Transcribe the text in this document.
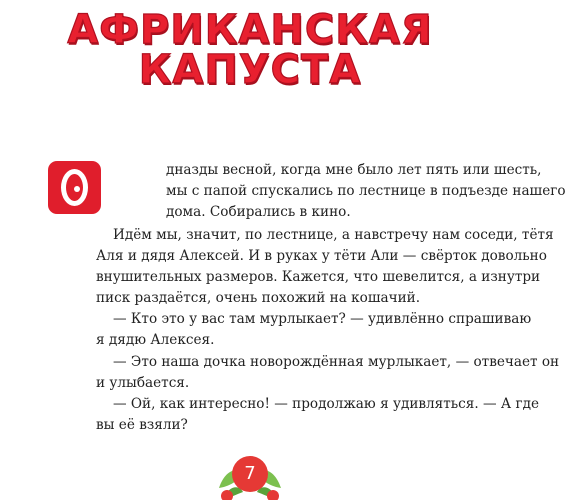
АФРИКАНСКАЯ
КАПУСТА
дназды весной, когда мне было лет пять или шесть,
мы с папой спускались по лестнице в подъезде нашего
дома. Собирались в кино.
Идём мы, значит, по лестнице, а навстречу нам соседи, тётя
Аля и дядя Алексей. И в руках у тёти Али — свёрток довольно
внушительных размеров. Кажется, что шевелится, а изнутри
писк раздаётся, очень похожий на кошачий.
— Кто это у вас там мурлыкает? — удивлённо спрашиваю
я дядю Алексея.
— Это наша дочка новорождённая мурлыкает, — отвечает он
и улыбается.
— Ой, как интересно! — продолжаю я удивляться. — А где
вы её взяли?
7
